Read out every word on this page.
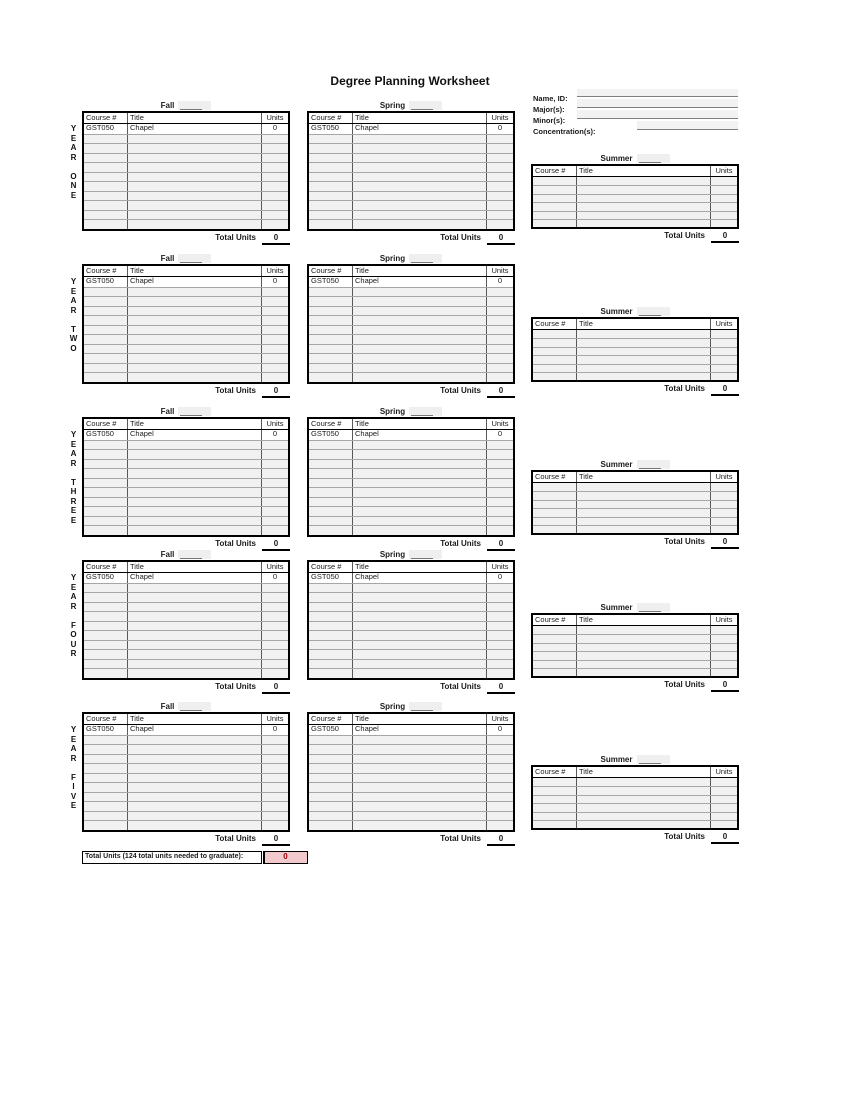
Degree Planning Worksheet
Name, ID:
Major(s):
Minor(s):
Concentration(s):
Y
E
A
R
O
N
E
Fall
Course #	Title	Units
GST050	Chapel	0
Total Units	0
Spring
Course #	Title	Units
GST050	Chapel	0
Total Units	0
Summer
Course #	Title	Units
Total Units	0
Y
E
A
R
T
W
O
Fall
Course #	Title	Units
GST050	Chapel	0
Total Units	0
Spring
Course #	Title	Units
GST050	Chapel	0
Total Units	0
Summer
Course #	Title	Units
Total Units	0
Y
E
A
R
T
H
R
E
E
Fall
Course #	Title	Units
GST050	Chapel	0
Total Units	0
Spring
Course #	Title	Units
GST050	Chapel	0
Total Units	0
Summer
Course #	Title	Units
Total Units	0
Y
E
A
R
F
O
U
R
Fall
Course #	Title	Units
GST050	Chapel	0
Total Units	0
Spring
Course #	Title	Units
GST050	Chapel	0
Total Units	0
Summer
Course #	Title	Units
Total Units	0
Y
E
A
R
F
I
V
E
Fall
Course #	Title	Units
GST050	Chapel	0
Total Units	0
Spring
Course #	Title	Units
GST050	Chapel	0
Total Units	0
Summer
Course #	Title	Units
Total Units	0
Total Units (124 total units needed to graduate):	0
